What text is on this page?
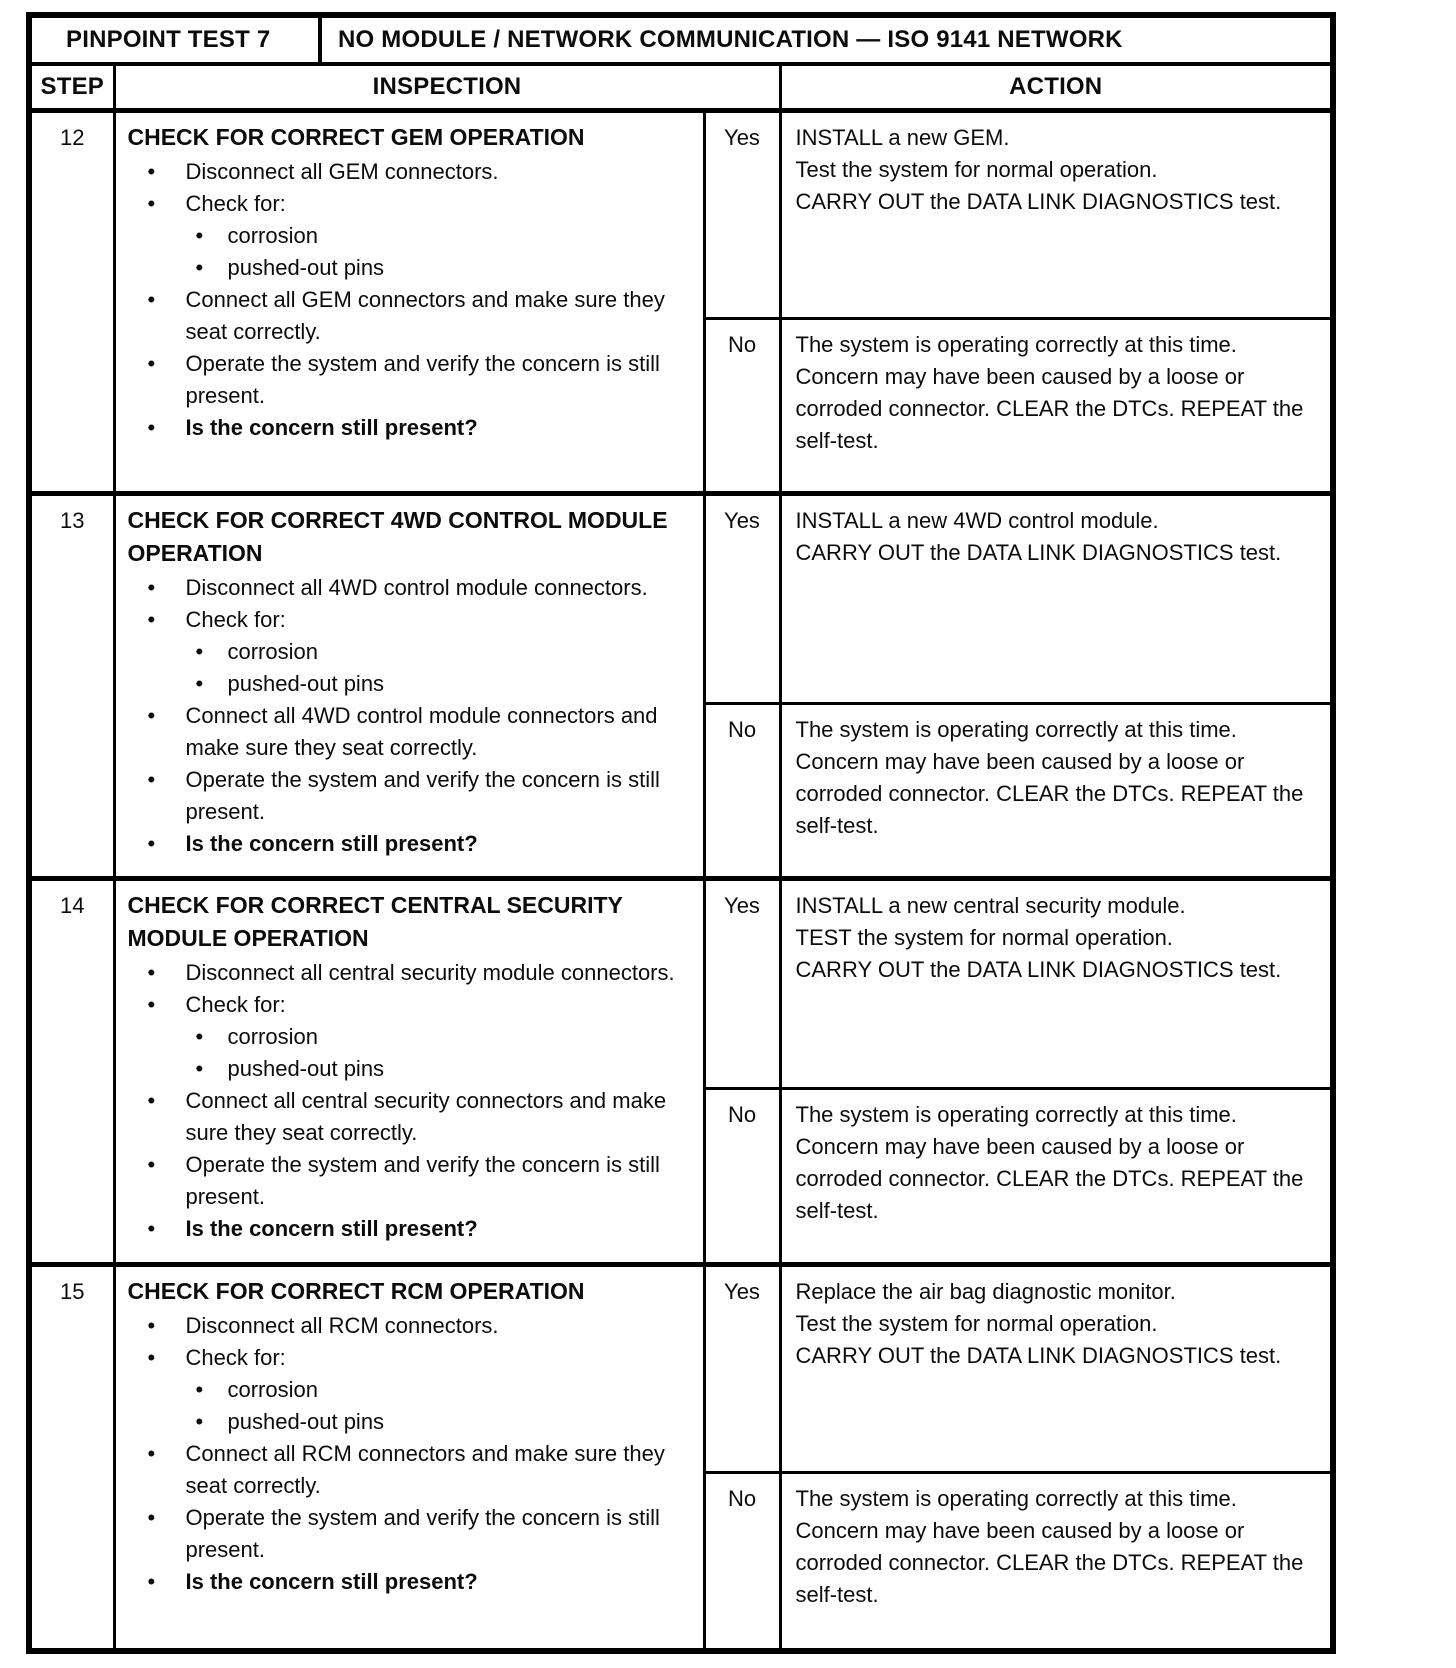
PINPOINT TEST 7	NO MODULE / NETWORK COMMUNICATION — ISO 9141 NETWORK
STEP	INSPECTION		ACTION
12	CHECK FOR CORRECT GEM OPERATION
•	Disconnect all GEM connectors.
•	Check for:
•	corrosion
•	pushed-out pins
•	Connect all GEM connectors and make sure they seat correctly.
•	Operate the system and verify the concern is still present.
•	Is the concern still present?
	Yes	INSTALL a new GEM.
Test the system for normal operation.
CARRY OUT the DATA LINK DIAGNOSTICS test.

		No	The system is operating correctly at this time. Concern may have been caused by a loose or corroded connector. CLEAR the DTCs. REPEAT the self-test.

13	CHECK FOR CORRECT 4WD CONTROL MODULE OPERATION
•	Disconnect all 4WD control module connectors.
•	Check for:
•	corrosion
•	pushed-out pins
•	Connect all 4WD control module connectors and make sure they seat correctly.
•	Operate the system and verify the concern is still present.
•	Is the concern still present?
	Yes	INSTALL a new 4WD control module.
CARRY OUT the DATA LINK DIAGNOSTICS test.

		No	The system is operating correctly at this time. Concern may have been caused by a loose or corroded connector. CLEAR the DTCs. REPEAT the self-test.

14	CHECK FOR CORRECT CENTRAL SECURITY MODULE OPERATION
•	Disconnect all central security module connectors.
•	Check for:
•	corrosion
•	pushed-out pins
•	Connect all central security connectors and make sure they seat correctly.
•	Operate the system and verify the concern is still present.
•	Is the concern still present?
	Yes	INSTALL a new central security module.
TEST the system for normal operation.
CARRY OUT the DATA LINK DIAGNOSTICS test.

		No	The system is operating correctly at this time. Concern may have been caused by a loose or corroded connector. CLEAR the DTCs. REPEAT the self-test.

15	CHECK FOR CORRECT RCM OPERATION
•	Disconnect all RCM connectors.
•	Check for:
•	corrosion
•	pushed-out pins
•	Connect all RCM connectors and make sure they seat correctly.
•	Operate the system and verify the concern is still present.
•	Is the concern still present?
	Yes	Replace the air bag diagnostic monitor.
Test the system for normal operation.
CARRY OUT the DATA LINK DIAGNOSTICS test.

		No	The system is operating correctly at this time. Concern may have been caused by a loose or corroded connector. CLEAR the DTCs. REPEAT the self-test.
